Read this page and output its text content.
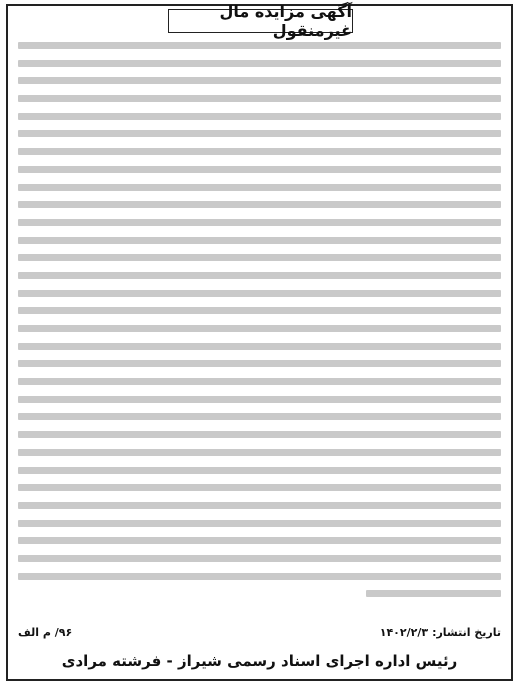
آگهی مزایده مال غیرمنقول
تاریخ انتشار:
۱۴۰۲/۲/۳
۹۶/ م الف
رئیس اداره اجرای اسناد رسمی شیراز - فرشته مرادی
